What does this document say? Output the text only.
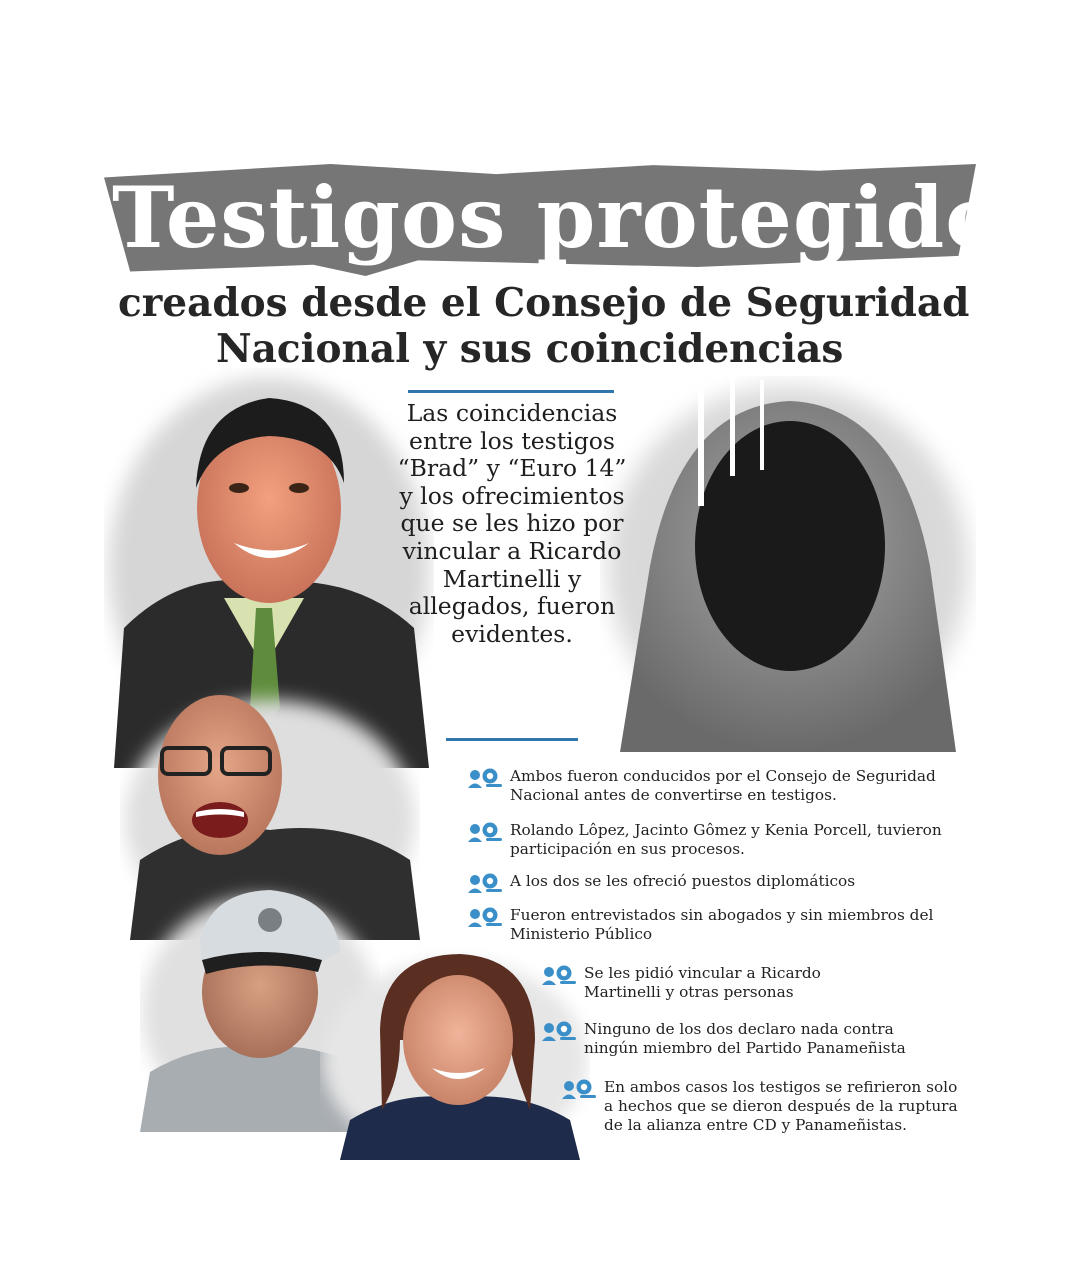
Testigos protegidos
creados desde el Consejo de Seguridad
Nacional y sus coincidencias

Las coincidencias entre los testigos “Brad” y “Euro 14” y los ofrecimientos que se les hizo por vincular a Ricardo Martinelli y allegados, fueron evidentes.

Ambos fueron conducidos por el Consejo de Seguridad Nacional antes de convertirse en testigos.

Rolando Lôpez, Jacinto Gômez y Kenia Porcell, tuvieron participación en sus procesos.

A los dos se les ofreció puestos diplomáticos

Fueron entrevistados sin abogados y sin miembros del Ministerio Público

Se les pidió vincular a Ricardo Martinelli y otras personas

Ninguno de los dos declaro nada contra ningún miembro del Partido Panameñista

En ambos casos los testigos se refirieron solo a hechos que se dieron después de la ruptura de la alianza entre CD y Panameñistas.
